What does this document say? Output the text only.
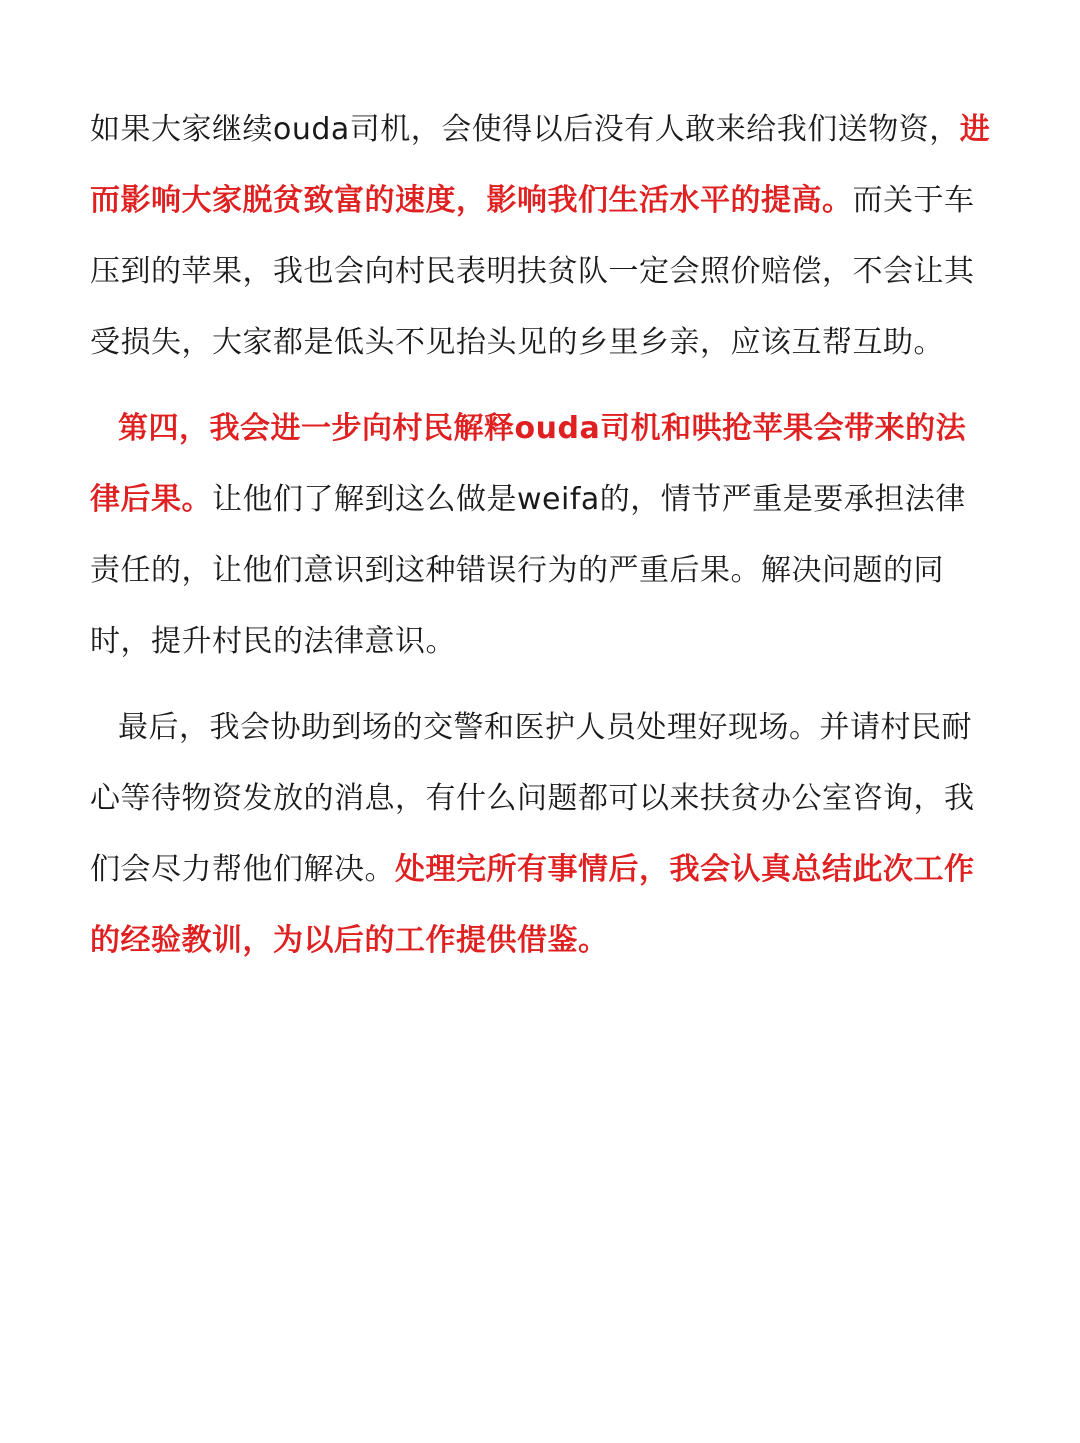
如果大家继续ouda司机，会使得以后没有人敢来给我们送物资，进而影响大家脱贫致富的速度，影响我们生活水平的提高。而关于车压到的苹果，我也会向村民表明扶贫队一定会照价赔偿，不会让其受损失，大家都是低头不见抬头见的乡里乡亲，应该互帮互助。

第四，我会进一步向村民解释ouda司机和哄抢苹果会带来的法律后果。让他们了解到这么做是weifa的，情节严重是要承担法律责任的，让他们意识到这种错误行为的严重后果。解决问题的同时，提升村民的法律意识。

最后，我会协助到场的交警和医护人员处理好现场。并请村民耐心等待物资发放的消息，有什么问题都可以来扶贫办公室咨询，我们会尽力帮他们解决。处理完所有事情后，我会认真总结此次工作的经验教训，为以后的工作提供借鉴。
